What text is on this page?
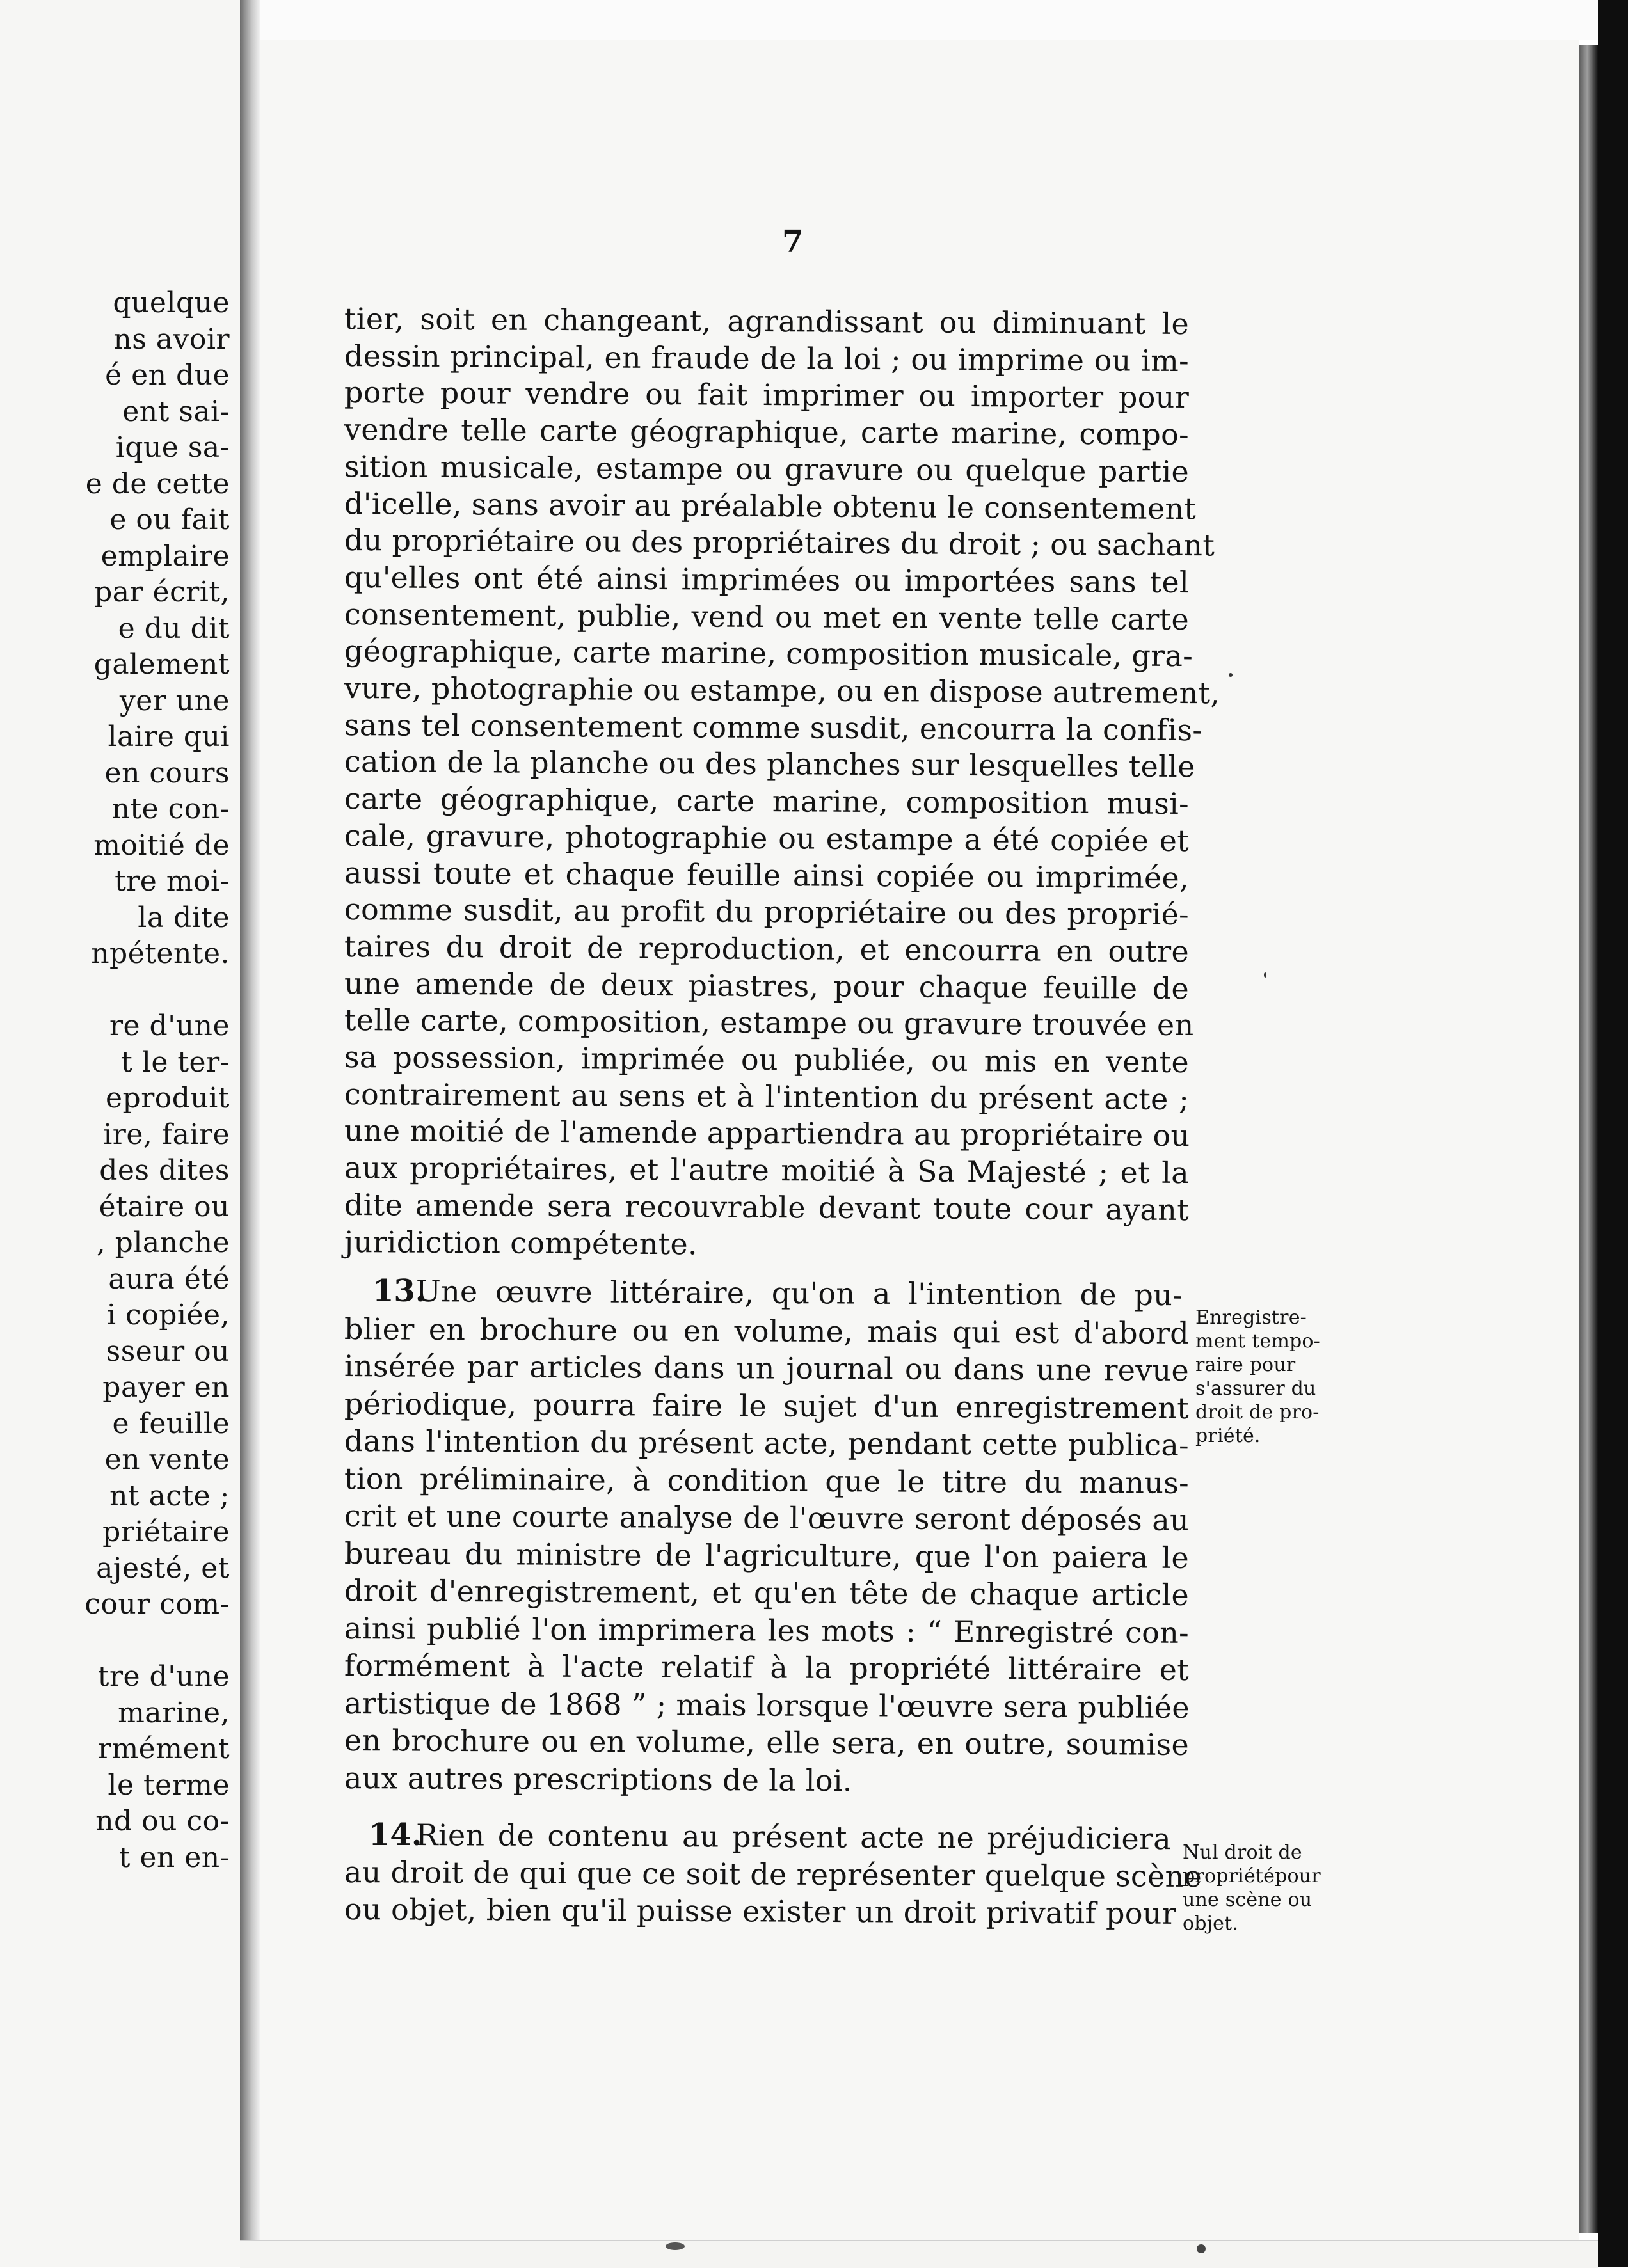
quelque
ns avoir
é en due
ent sai-
ique sa-
e de cette
e ou fait
emplaire
par écrit,
e du dit
galement
yer une
laire qui
en cours
nte con-
moitié de
tre moi-
la dite
npétente.
re d'une
t le ter-
eproduit
ire, faire
des dites
étaire ou
, planche
aura été
i copiée,
sseur ou
payer en
e feuille
en vente
nt acte ;
priétaire
ajesté, et
cour com-
tre d'une
marine,
rmément
le terme
nd ou co-
t en en-
7
tier, soit en changeant, agrandissant ou diminuant le
dessin principal, en fraude de la loi ; ou imprime ou im-
porte pour vendre ou fait imprimer ou importer pour
vendre telle carte géographique, carte marine, compo-
sition musicale, estampe ou gravure ou quelque partie
d'icelle, sans avoir au préalable obtenu le consentement
du propriétaire ou des propriétaires du droit ; ou sachant
qu'elles ont été ainsi imprimées ou importées sans tel
consentement, publie, vend ou met en vente telle carte
géographique, carte marine, composition musicale, gra-
vure, photographie ou estampe, ou en dispose autrement,
sans tel consentement comme susdit, encourra la confis-
cation de la planche ou des planches sur lesquelles telle
carte géographique, carte marine, composition musi-
cale, gravure, photographie ou estampe a été copiée et
aussi toute et chaque feuille ainsi copiée ou imprimée,
comme susdit, au profit du propriétaire ou des proprié-
taires du droit de reproduction, et encourra en outre
une amende de deux piastres, pour chaque feuille de
telle carte, composition, estampe ou gravure trouvée en
sa possession, imprimée ou publiée, ou mis en vente
contrairement au sens et à l'intention du présent acte ;
une moitié de l'amende appartiendra au propriétaire ou
aux propriétaires, et l'autre moitié à Sa Majesté ; et la
dite amende sera recouvrable devant toute cour ayant
juridiction compétente.
Une œuvre littéraire, qu'on a l'intention de pu-
13.
blier en brochure ou en volume, mais qui est d'abord
insérée par articles dans un journal ou dans une revue
périodique, pourra faire le sujet d'un enregistrement
dans l'intention du présent acte, pendant cette publica-
tion préliminaire, à condition que le titre du manus-
crit et une courte analyse de l'œuvre seront déposés au
bureau du ministre de l'agriculture, que l'on paiera le
droit d'enregistrement, et qu'en tête de chaque article
ainsi publié l'on imprimera les mots : “ Enregistré con-
formément à l'acte relatif à la propriété littéraire et
artistique de 1868 ” ; mais lorsque l'œuvre sera publiée
en brochure ou en volume, elle sera, en outre, soumise
aux autres prescriptions de la loi.
Enregistre-
ment tempo-
raire pour
s'assurer du
droit de pro-
priété.
Rien de contenu au présent acte ne préjudiciera
14.
au droit de qui que ce soit de représenter quelque scène
ou objet, bien qu'il puisse exister un droit privatif pour
Nul droit de
propriétépour
une scène ou
objet.
